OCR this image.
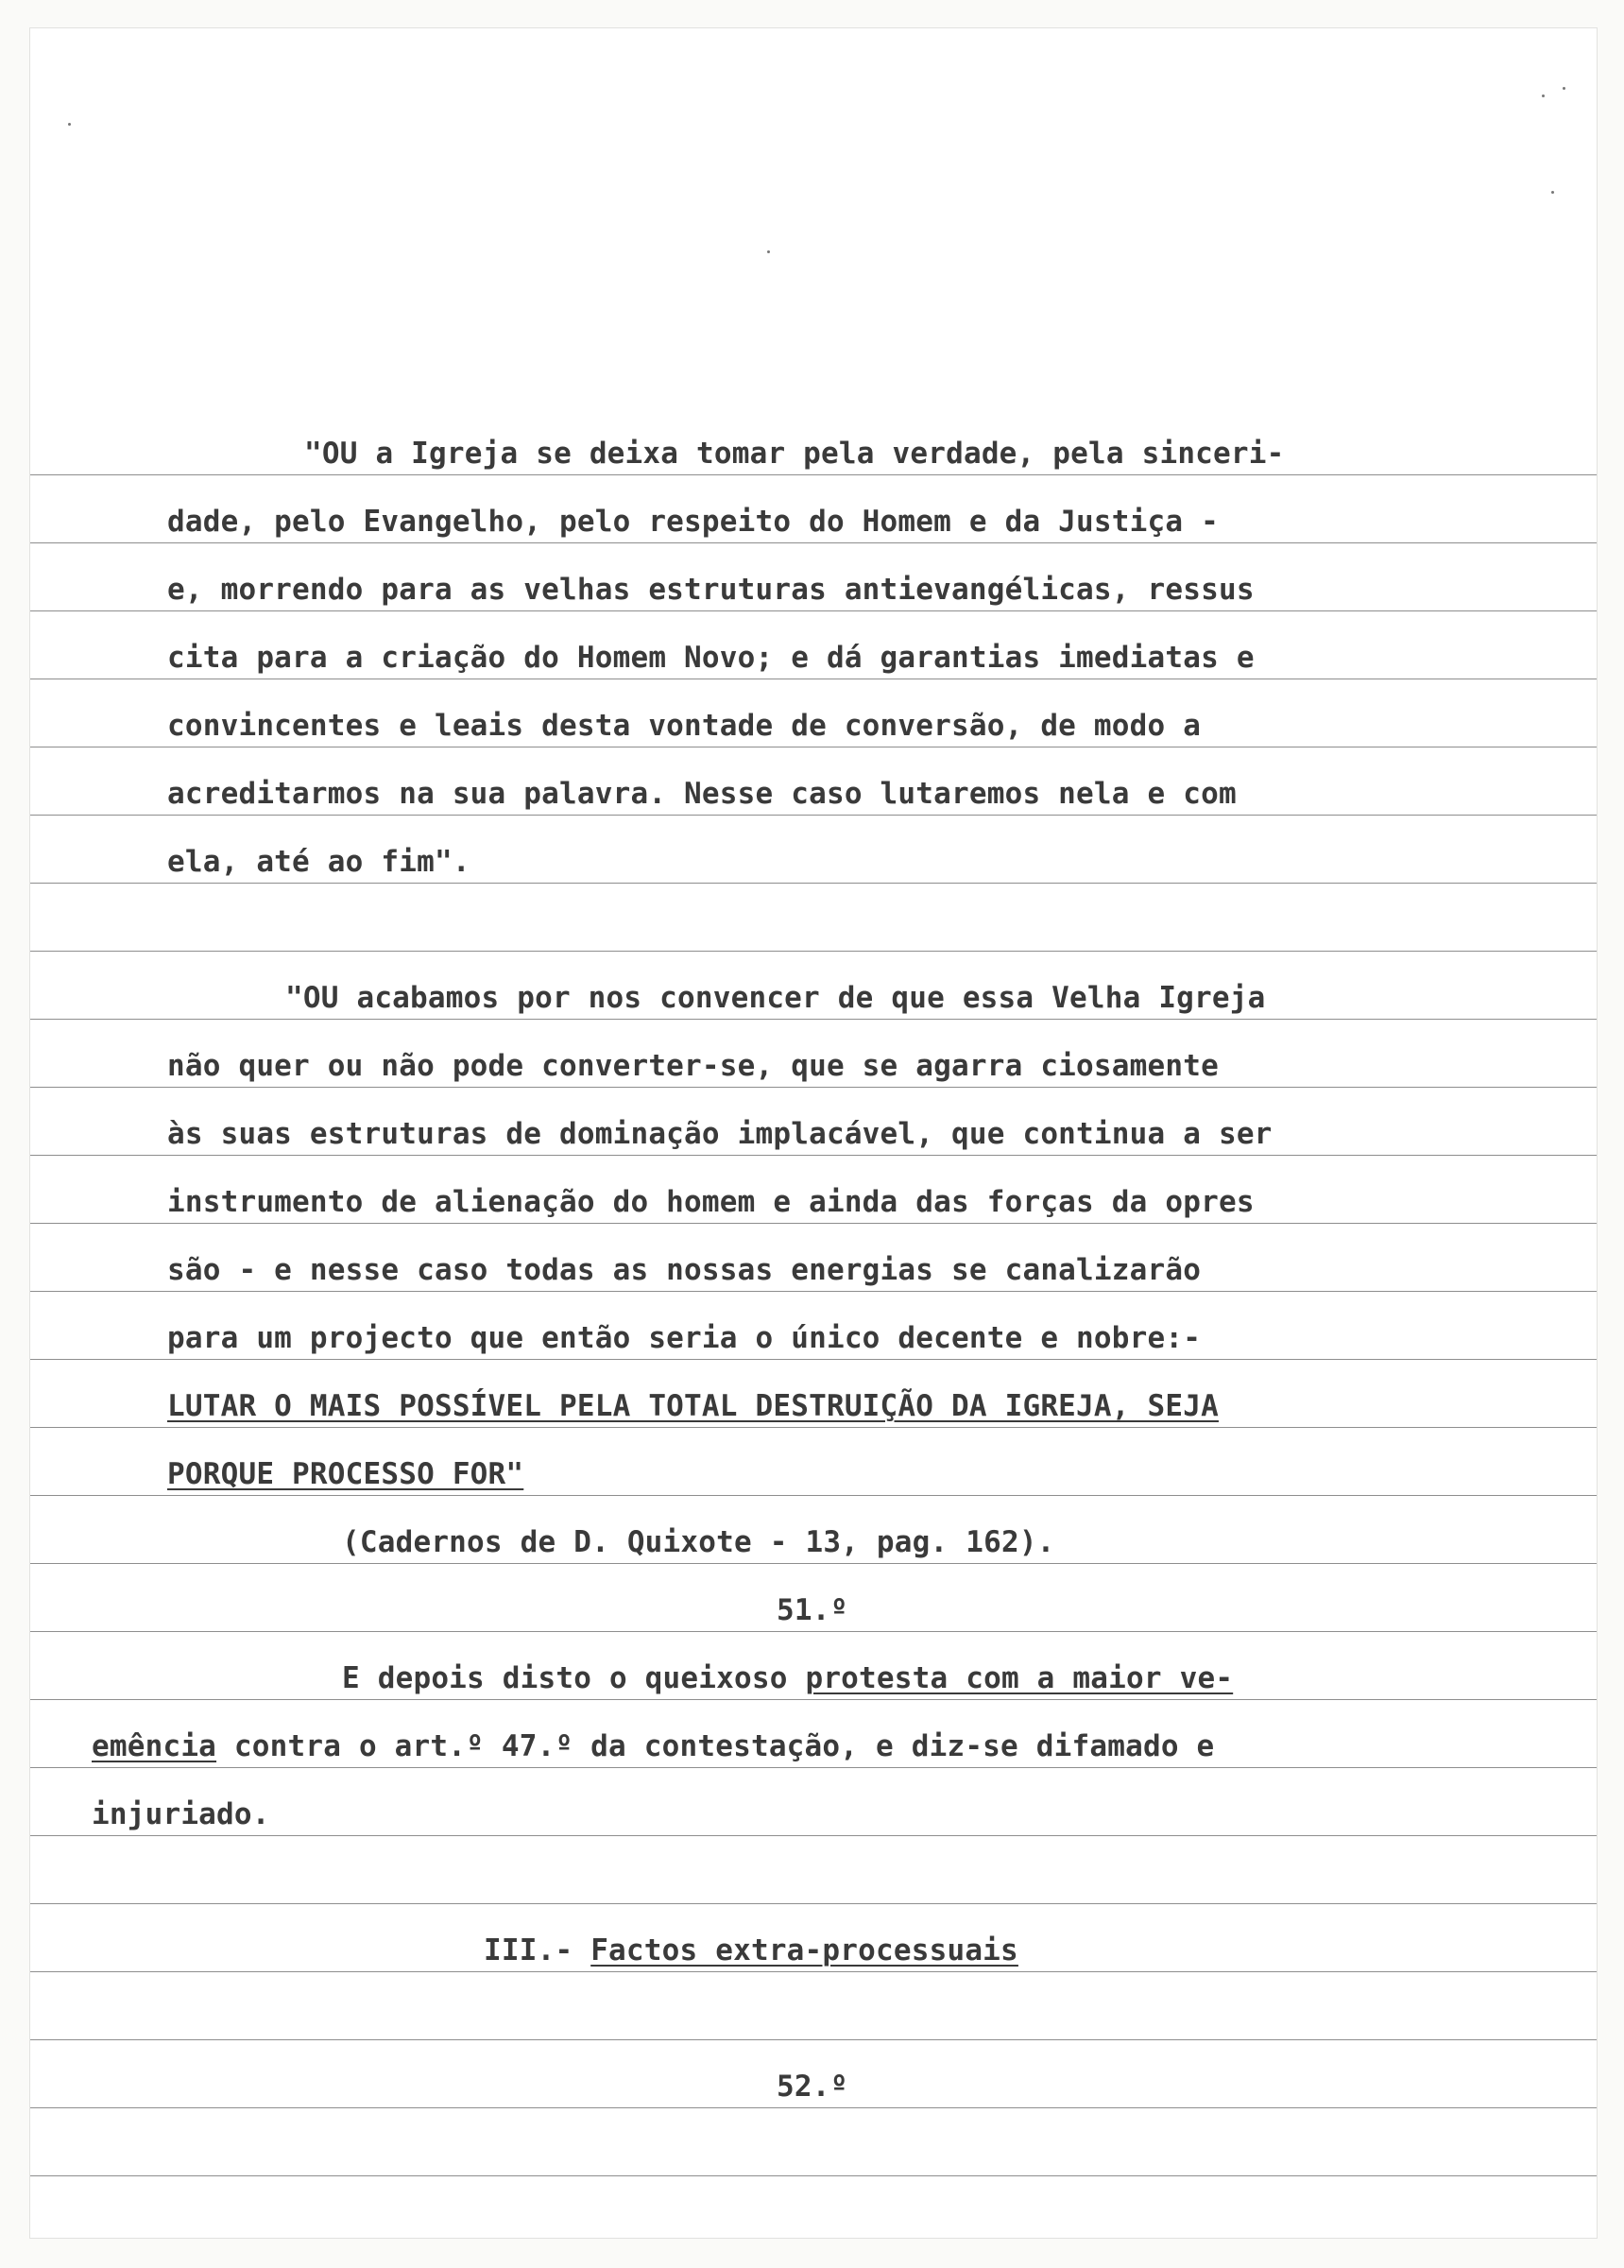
"OU a Igreja se deixa tomar pela verdade, pela sinceri-
dade, pelo Evangelho, pelo respeito do Homem e da Justiça -
e, morrendo para as velhas estruturas antievangélicas, ressus
cita para a criação do Homem Novo; e dá garantias imediatas e
convincentes e leais desta vontade de conversão, de modo a
acreditarmos na sua palavra. Nesse caso lutaremos nela e com
ela, até ao fim".
"OU acabamos por nos convencer de que essa Velha Igreja
não quer ou não pode converter-se, que se agarra ciosamente
às suas estruturas de dominação implacável, que continua a ser
instrumento de alienação do homem e ainda das forças da opres
são - e nesse caso todas as nossas energias se canalizarão
para um projecto que então seria o único decente e nobre:-
LUTAR O MAIS POSSÍVEL PELA TOTAL DESTRUIÇÃO DA IGREJA, SEJA
PORQUE PROCESSO FOR"
(Cadernos de D. Quixote - 13, pag. 162).
51.º
E depois disto o queixoso protesta com a maior ve-
emência contra o art.º 47.º da contestação, e diz-se difamado e
injuriado.
III.- Factos extra-processuais
52.º
